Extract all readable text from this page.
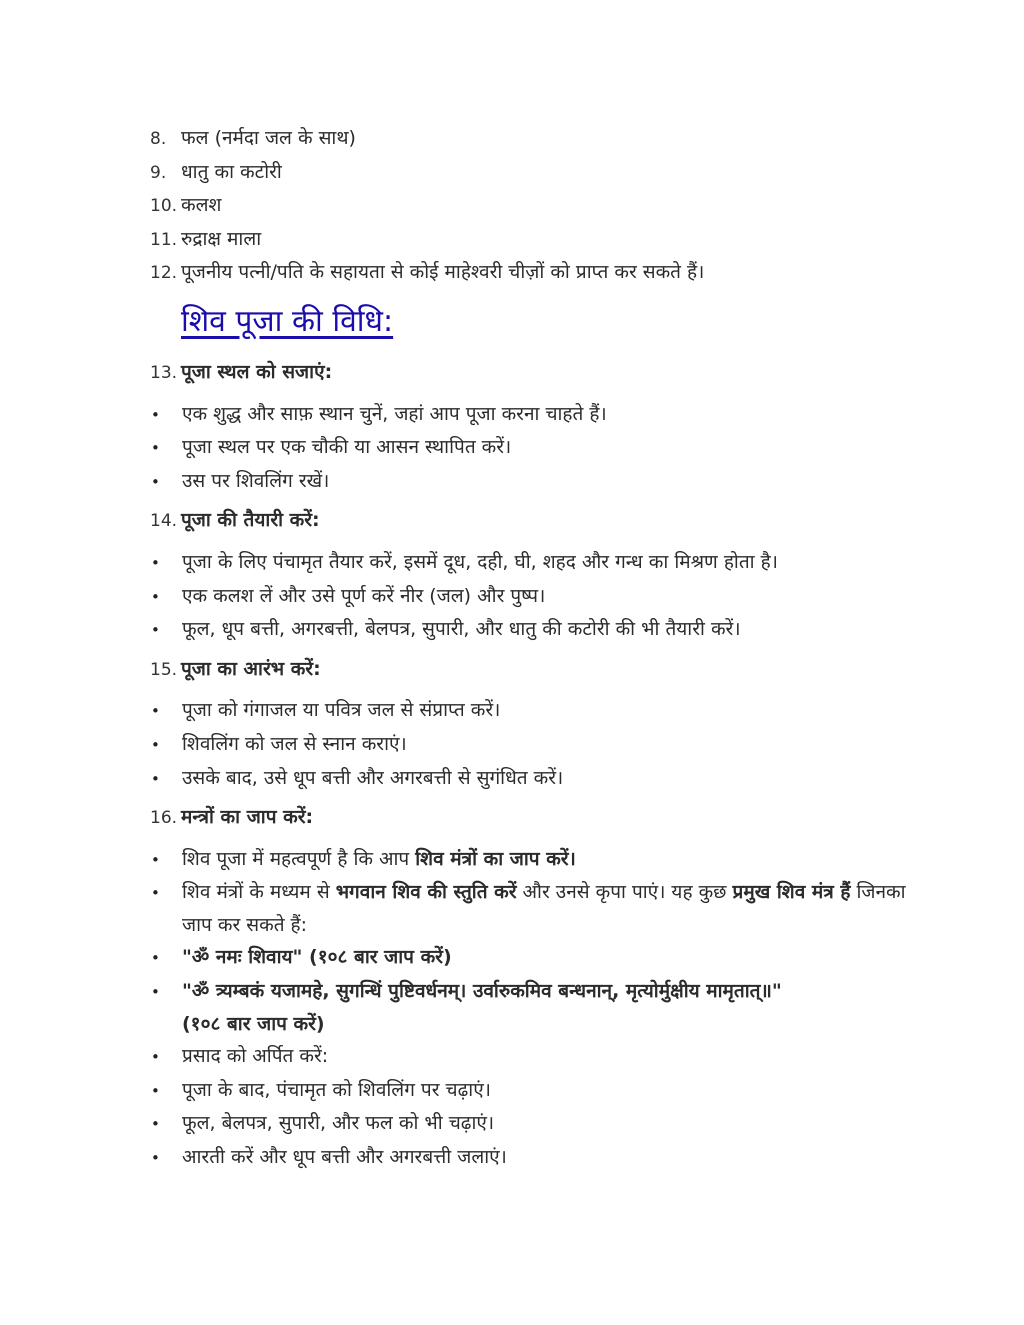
8. फल (नर्मदा जल के साथ)
9. धातु का कटोरी
10. कलश
11. रुद्राक्ष माला
12. पूजनीय पत्नी/पति के सहायता से कोई माहेश्वरी चीज़ों को प्राप्त कर सकते हैं।
शिव पूजा की विधि:
13. पूजा स्थल को सजाएं:
•	एक शुद्ध और साफ़ स्थान चुनें, जहां आप पूजा करना चाहते हैं।
•	पूजा स्थल पर एक चौकी या आसन स्थापित करें।
•	उस पर शिवलिंग रखें।
14. पूजा की तैयारी करें:
•	पूजा के लिए पंचामृत तैयार करें, इसमें दूध, दही, घी, शहद और गन्ध का मिश्रण होता है।
•	एक कलश लें और उसे पूर्ण करें नीर (जल) और पुष्प।
•	फूल, धूप बत्ती, अगरबत्ती, बेलपत्र, सुपारी, और धातु की कटोरी की भी तैयारी करें।
15. पूजा का आरंभ करें:
•	पूजा को गंगाजल या पवित्र जल से संप्राप्त करें।
•	शिवलिंग को जल से स्नान कराएं।
•	उसके बाद, उसे धूप बत्ती और अगरबत्ती से सुगंधित करें।
16. मन्त्रों का जाप करें:
•	शिव पूजा में महत्वपूर्ण है कि आप शिव मंत्रों का जाप करें।
•	शिव मंत्रों के मध्यम से भगवान शिव की स्तुति करें और उनसे कृपा पाएं। यह कुछ प्रमुख शिव मंत्र हैं जिनका जाप कर सकते हैं:
•	"ॐ नमः शिवाय" (१०८ बार जाप करें)
•	"ॐ त्र्यम्बकं यजामहे, सुगन्धिं पुष्टिवर्धनम्। उर्वारुकमिव बन्धनान्, मृत्योर्मुक्षीय मामृतात्॥"
(१०८ बार जाप करें)
•	प्रसाद को अर्पित करें:
•	पूजा के बाद, पंचामृत को शिवलिंग पर चढ़ाएं।
•	फूल, बेलपत्र, सुपारी, और फल को भी चढ़ाएं।
•	आरती करें और धूप बत्ती और अगरबत्ती जलाएं।
